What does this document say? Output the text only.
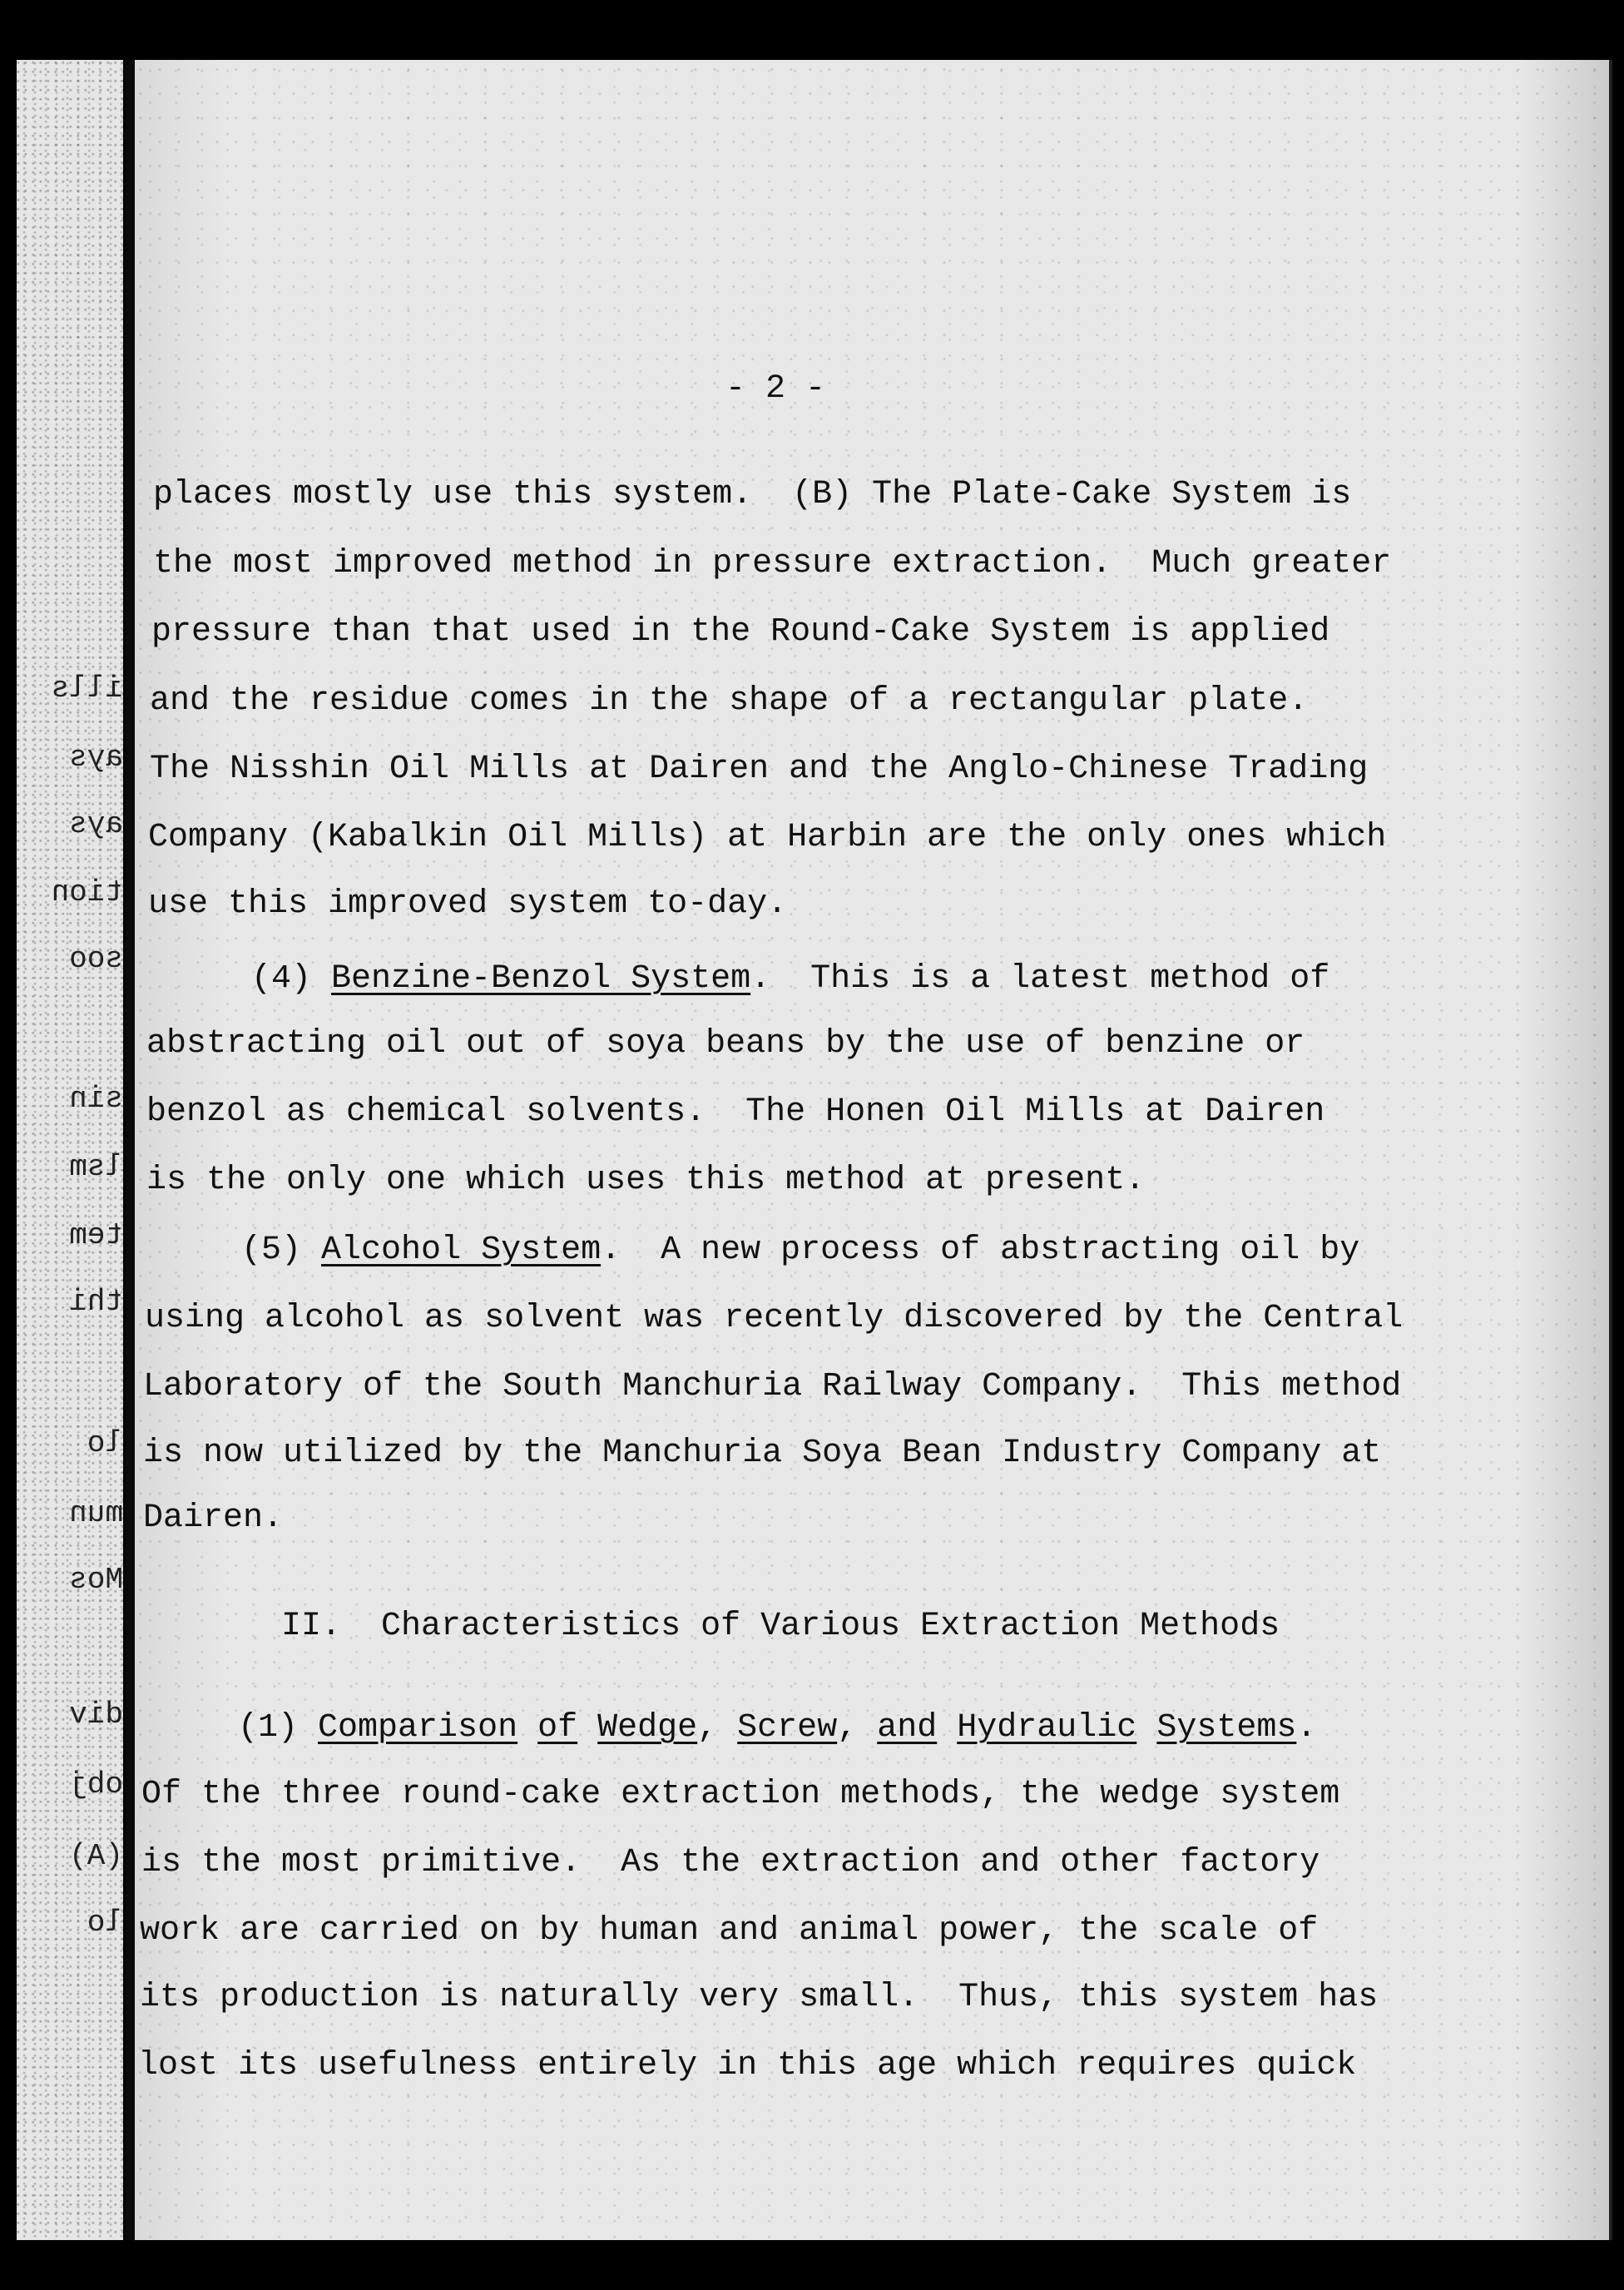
ills
ays
ays
tion
soo
sin
lsm
tem
thi
lo
mun
Mos
div
obj
(A)
lo
- 2 -
places mostly use this system.  (B) The Plate-Cake System is
the most improved method in pressure extraction.  Much greater
pressure than that used in the Round-Cake System is applied
and the residue comes in the shape of a rectangular plate.
The Nisshin Oil Mills at Dairen and the Anglo-Chinese Trading
Company (Kabalkin Oil Mills) at Harbin are the only ones which
use this improved system to-day.
(4) Benzine-Benzol System.  This is a latest method of
abstracting oil out of soya beans by the use of benzine or
benzol as chemical solvents.  The Honen Oil Mills at Dairen
is the only one which uses this method at present.
(5) Alcohol System.  A new process of abstracting oil by
using alcohol as solvent was recently discovered by the Central
Laboratory of the South Manchuria Railway Company.  This method
is now utilized by the Manchuria Soya Bean Industry Company at
Dairen.
II.  Characteristics of Various Extraction Methods
(1) Comparison of Wedge, Screw, and Hydraulic Systems.
Of the three round-cake extraction methods, the wedge system
is the most primitive.  As the extraction and other factory
work are carried on by human and animal power, the scale of
its production is naturally very small.  Thus, this system has
lost its usefulness entirely in this age which requires quick
